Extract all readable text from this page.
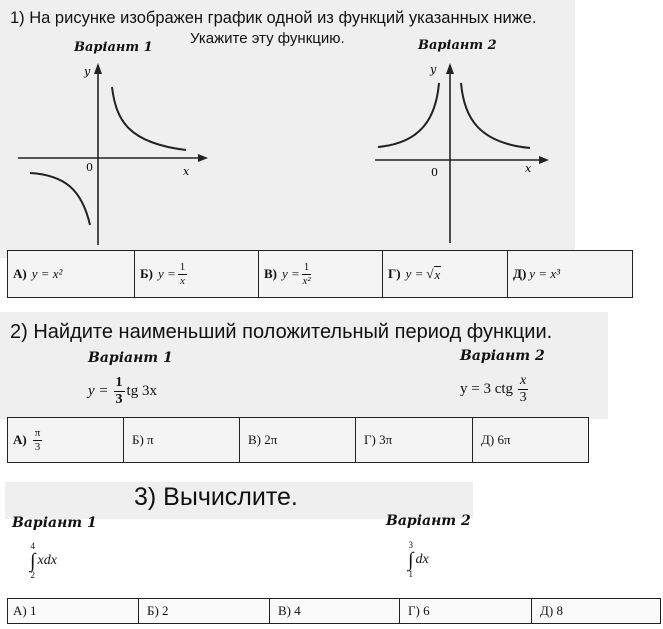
1) На рисунке изображен график одной из функций указанных ниже.
Укажите эту функцию.
Варіант 1	Варіант 2
y
x
0
y
x
0
А) y = x²	Б) $y = \frac{1}{x}$	В) $y = \frac{1}{\text{x²}}$	Г) y = √ x	Д) y = x³
2) Найдите наименьший положительный период функции.
Варіант 1	Варіант 2
$y = \frac{1}{3}$ tg 3x	y = 3 ctg $\frac{x}{3}$
$А) \frac{\pi}{3}$	Б) π	В) 2π	Г) 3π	Д) 6π
3) Вычислите.
Варіант 1	Варіант 2
4
∫
2
xdx
3
∫
1
dx
А) 1	Б) 2	В) 4	Г) 6	Д) 8
